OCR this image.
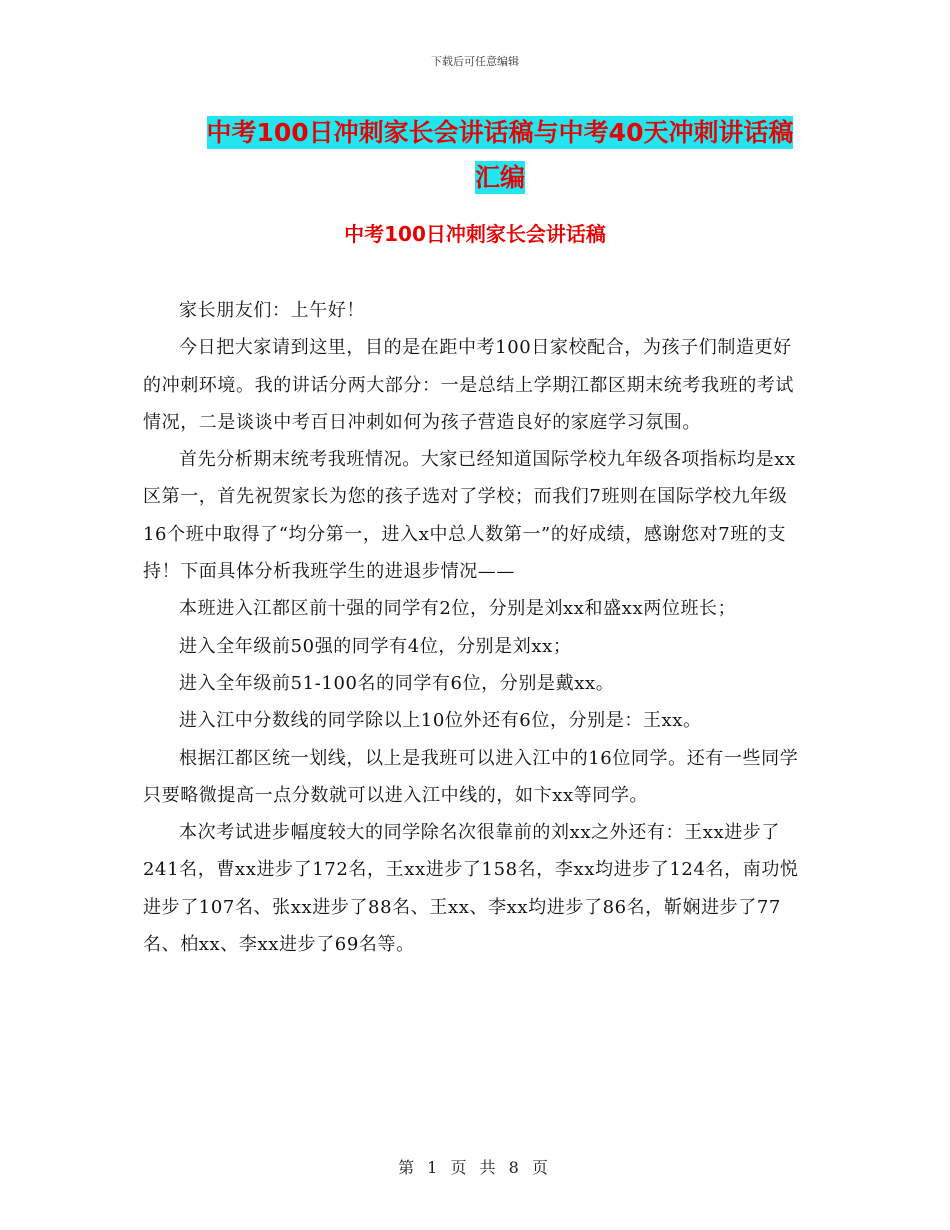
下载后可任意编辑
中考100日冲刺家长会讲话稿与中考40天冲刺讲话稿
汇编
中考100日冲刺家长会讲话稿

家长朋友们：上午好！

今日把大家请到这里，目的是在距中考100日家校配合，为孩子们制造更好的冲刺环境。我的讲话分两大部分：一是总结上学期江都区期末统考我班的考试情况，二是谈谈中考百日冲刺如何为孩子营造良好的家庭学习氛围。

首先分析期末统考我班情况。大家已经知道国际学校九年级各项指标均是xx区第一，首先祝贺家长为您的孩子选对了学校；而我们7班则在国际学校九年级16个班中取得了“均分第一，进入x中总人数第一”的好成绩，感谢您对7班的支持！下面具体分析我班学生的进退步情况——

本班进入江都区前十强的同学有2位，分别是刘xx和盛xx两位班长；

进入全年级前50强的同学有4位，分别是刘xx；

进入全年级前51-100名的同学有6位，分别是戴xx。

进入江中分数线的同学除以上10位外还有6位，分别是：王xx。

根据江都区统一划线，以上是我班可以进入江中的16位同学。还有一些同学只要略微提高一点分数就可以进入江中线的，如卞xx等同学。

本次考试进步幅度较大的同学除名次很靠前的刘xx之外还有：王xx进步了241名，曹xx进步了172名，王xx进步了158名，李xx均进步了124名，南功悦进步了107名、张xx进步了88名、王xx、李xx均进步了86名，靳娴进步了77名、柏xx、李xx进步了69名等。

第 1 页 共 8 页
